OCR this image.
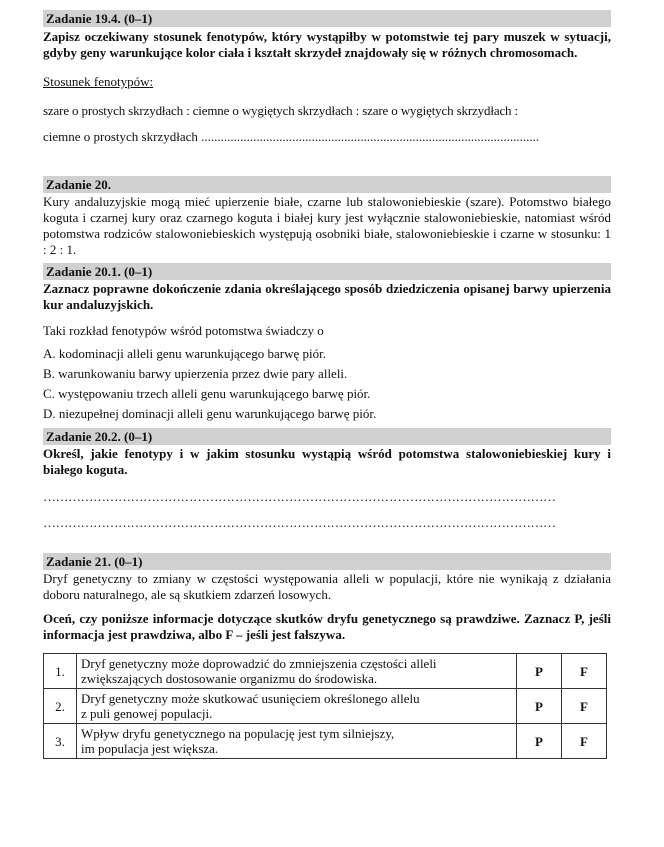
Zadanie 19.4. (0–1)

Zapisz oczekiwany stosunek fenotypów, który wystąpiłby w potomstwie tej pary muszek w sytuacji, gdyby geny warunkujące kolor ciała i kształt skrzydeł znajdowały się w różnych chromosomach.

Stosunek fenotypów:

szare o prostych skrzydłach : ciemne o wygiętych skrzydłach : szare o wygiętych skrzydłach :

ciemne o prostych skrzydłach ........................................................................................................

Zadanie 20.

Kury andaluzyjskie mogą mieć upierzenie białe, czarne lub stalowoniebieskie (szare). Potomstwo białego koguta i czarnej kury oraz czarnego koguta i białej kury jest wyłącznie stalowoniebieskie, natomiast wśród potomstwa rodziców stalowoniebieskich występują osobniki białe, stalowoniebieskie i czarne w stosunku: 1 : 2 : 1.

Zadanie 20.1. (0–1)

Zaznacz poprawne dokończenie zdania określającego sposób dziedziczenia opisanej barwy upierzenia kur andaluzyjskich.

Taki rozkład fenotypów wśród potomstwa świadczy o

A. kodominacji alleli genu warunkującego barwę piór.

B. warunkowaniu barwy upierzenia przez dwie pary alleli.

C. występowaniu trzech alleli genu warunkującego barwę piór.

D. niezupełnej dominacji alleli genu warunkującego barwę piór.

Zadanie 20.2. (0–1)

Określ, jakie fenotypy i w jakim stosunku wystąpią wśród potomstwa stalowoniebieskiej kury i białego koguta.

……………………………………………………………………………………………………………

……………………………………………………………………………………………………………

Zadanie 21. (0–1)

Dryf genetyczny to zmiany w częstości występowania alleli w populacji, które nie wynikają z działania doboru naturalnego, ale są skutkiem zdarzeń losowych.

Oceń, czy poniższe informacje dotyczące skutków dryfu genetycznego są prawdziwe. Zaznacz P, jeśli informacja jest prawdziwa, albo F – jeśli jest fałszywa.

1.	Dryf genetyczny może doprowadzić do zmniejszenia częstości alleli
zwiększających dostosowanie organizmu do środowiska.	P	F
2.	Dryf genetyczny może skutkować usunięciem określonego allelu
z puli genowej populacji.	P	F
3.	Wpływ dryfu genetycznego na populację jest tym silniejszy,
im populacja jest większa.	P	F
